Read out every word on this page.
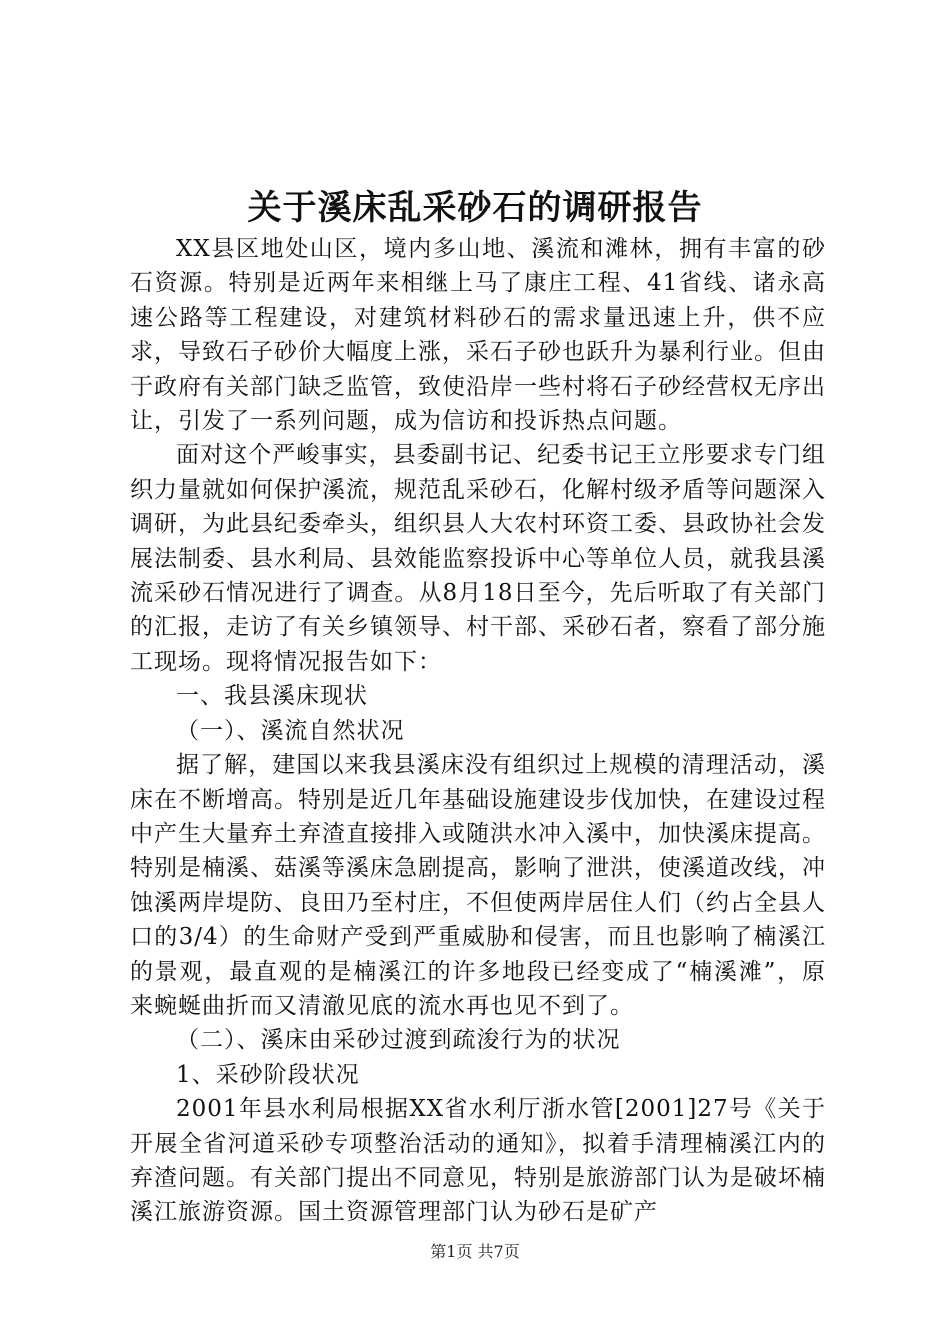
关于溪床乱采砂石的调研报告

XX县区地处山区，境内多山地、溪流和滩林，拥有丰富的砂石资源。特别是近两年来相继上马了康庄工程、41省线、诸永高速公路等工程建设，对建筑材料砂石的需求量迅速上升，供不应求，导致石子砂价大幅度上涨，采石子砂也跃升为暴利行业。但由于政府有关部门缺乏监管，致使沿岸一些村将石子砂经营权无序出让，引发了一系列问题，成为信访和投诉热点问题。

面对这个严峻事实，县委副书记、纪委书记王立彤要求专门组织力量就如何保护溪流，规范乱采砂石，化解村级矛盾等问题深入调研，为此县纪委牵头，组织县人大农村环资工委、县政协社会发展法制委、县水利局、县效能监察投诉中心等单位人员，就我县溪流采砂石情况进行了调查。从8月18日至今，先后听取了有关部门的汇报，走访了有关乡镇领导、村干部、采砂石者，察看了部分施工现场。现将情况报告如下：

一、我县溪床现状

（一）、溪流自然状况

据了解，建国以来我县溪床没有组织过上规模的清理活动，溪床在不断增高。特别是近几年基础设施建设步伐加快，在建设过程中产生大量弃土弃渣直接排入或随洪水冲入溪中，加快溪床提高。特别是楠溪、菇溪等溪床急剧提高，影响了泄洪，使溪道改线，冲蚀溪两岸堤防、良田乃至村庄，不但使两岸居住人们（约占全县人口的3/4）的生命财产受到严重威胁和侵害，而且也影响了楠溪江的景观，最直观的是楠溪江的许多地段已经变成了“楠溪滩”，原来蜿蜒曲折而又清澈见底的流水再也见不到了。

（二）、溪床由采砂过渡到疏浚行为的状况

1、采砂阶段状况

2001年县水利局根据XX省水利厅浙水管[2001]27号《关于开展全省河道采砂专项整治活动的通知》，拟着手清理楠溪江内的弃渣问题。有关部门提出不同意见，特别是旅游部门认为是破坏楠溪江旅游资源。国土资源管理部门认为砂石是矿产

第1页 共7页
